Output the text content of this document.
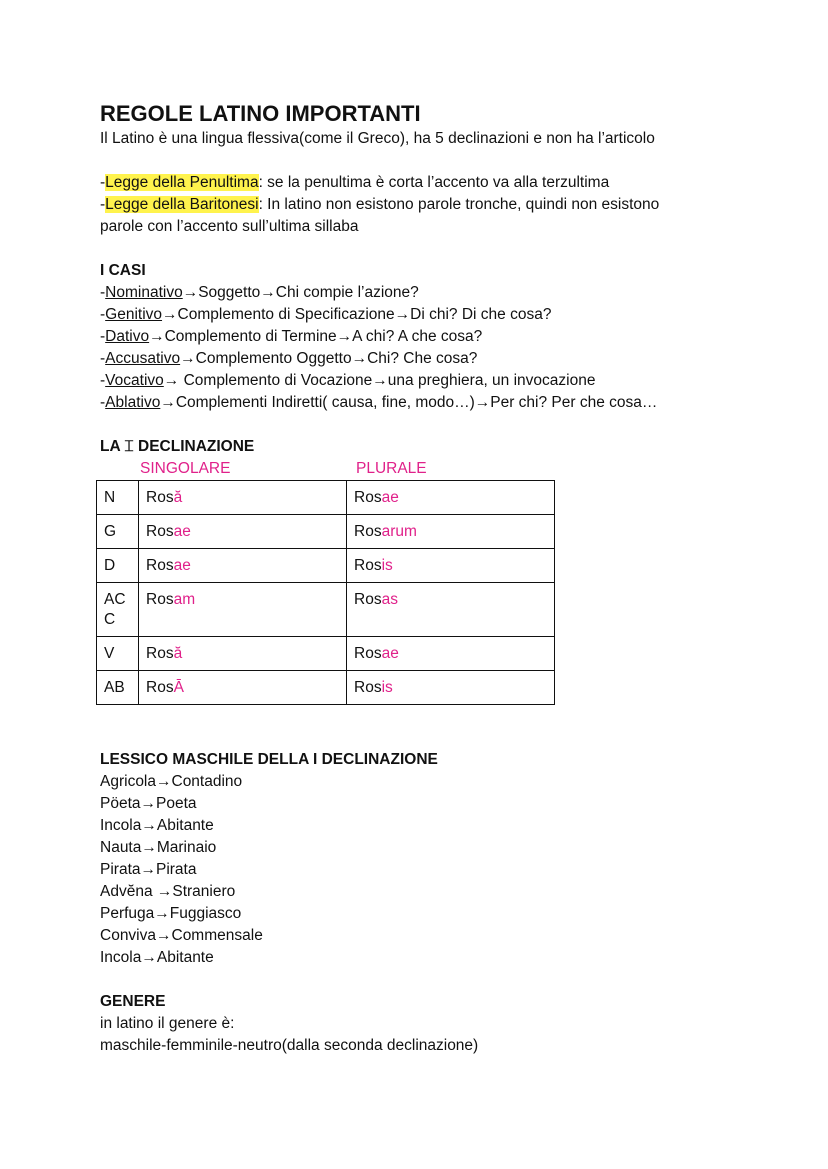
REGOLE LATINO IMPORTANTI

Il Latino è una lingua flessiva(come il Greco), ha 5 declinazioni e non ha l’articolo

-Legge della Penultima: se la penultima è corta l’accento va alla terzultima

-Legge della Baritonesi: In latino non esistono parole tronche, quindi non esistono

parole con l’accento sull’ultima sillaba

I CASI

-Nominativo→Soggetto→Chi compie l’azione?

-Genitivo→Complemento di Specificazione→Di chi? Di che cosa?

-Dativo→Complemento di Termine→A chi? A che cosa?

-Accusativo→Complemento Oggetto→Chi? Che cosa?

-Vocativo→ Complemento di Vocazione→una preghiera, un invocazione

-Ablativo→Complementi Indiretti( causa, fine, modo…)→Per chi? Per che cosa…

LA ⌶ DECLINAZIONE
SINGOLARE	PLURALE
N	Rosă	Rosae
G	Rosae	Rosarum
D	Rosae	Rosis
ACC	Rosam	Rosas
V	Rosă	Rosae
AB	RosĀ	Rosis
LESSICO MASCHILE DELLA I DECLINAZIONE

Agricola→Contadino

Pöeta→Poeta

Incola→Abitante

Nauta→Marinaio

Pirata→Pirata

Advĕna →Straniero

Perfuga→Fuggiasco

Conviva→Commensale

Incola→Abitante

GENERE

in latino il genere è:

maschile-femminile-neutro(dalla seconda declinazione)
